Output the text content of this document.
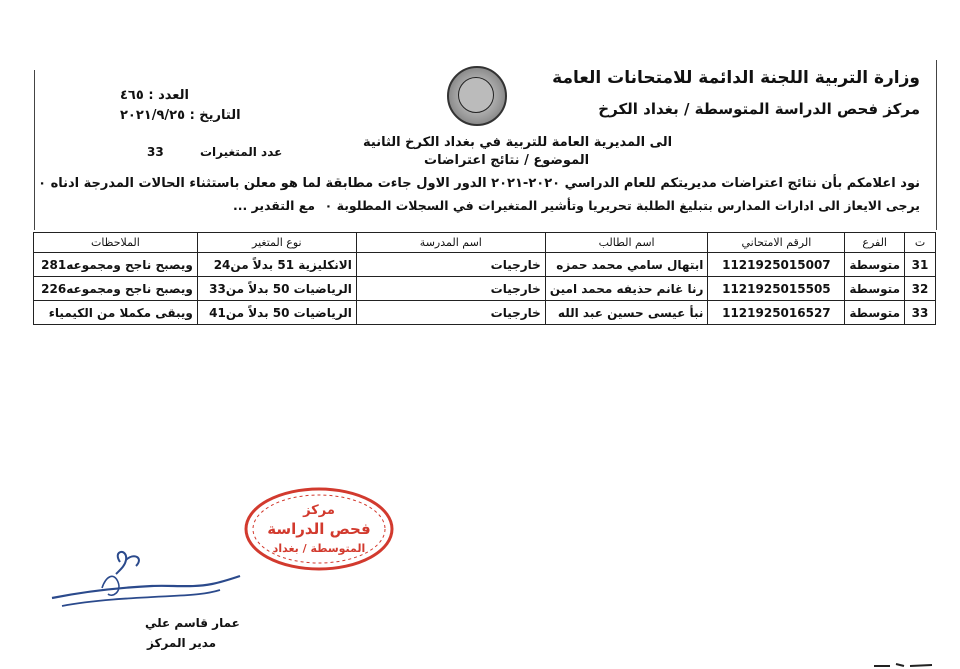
وزارة التربية اللجنة الدائمة للامتحانات العامة
مركز فحص الدراسة المتوسطة / بغداد الكرخ
العدد : ٤٦٥
التاريخ : ٢٠٢١/٩/٢٥
الى المديرية العامة للتربية في بغداد الكرخ الثانية
عدد المتغيرات
33
الموضوع / نتائج اعتراضات
نود اعلامكم بأن نتائج اعتراضات مديريتكم للعام الدراسي ٢٠٢٠-٢٠٢١ الدور الاول جاءت مطابقة لما هو معلن باستثناء الحالات المدرجة ادناه ٠
يرجى الايعاز الى ادارات المدارس بتبليغ الطلبة تحريريا وتأشير المتغيرات في السجلات المطلوبة ٠
مع التقدير ...
ت	الفرع	الرقم الامتحاني	اسم الطالب	اسم المدرسة	نوع المتغير	الملاحظات
31	متوسطة	1121925015007	ابتهال سامي محمد حمزه	خارجيات	الانكليزية 51 بدلاً من24	ويصبح ناجح ومجموعه281
32	متوسطة	1121925015505	رنا غانم حذيفه محمد امين	خارجيات	الرياضيات 50 بدلاً من33	ويصبح ناجح ومجموعه226
33	متوسطة	1121925016527	نبأ عيسى حسين عبد الله	خارجيات	الرياضيات 50 بدلاً من41	ويبقى مكملا من الكيمياء
مركز
فحص الدراسة
المتوسطة / بغداد
عمار قاسم علي
مدير المركز
